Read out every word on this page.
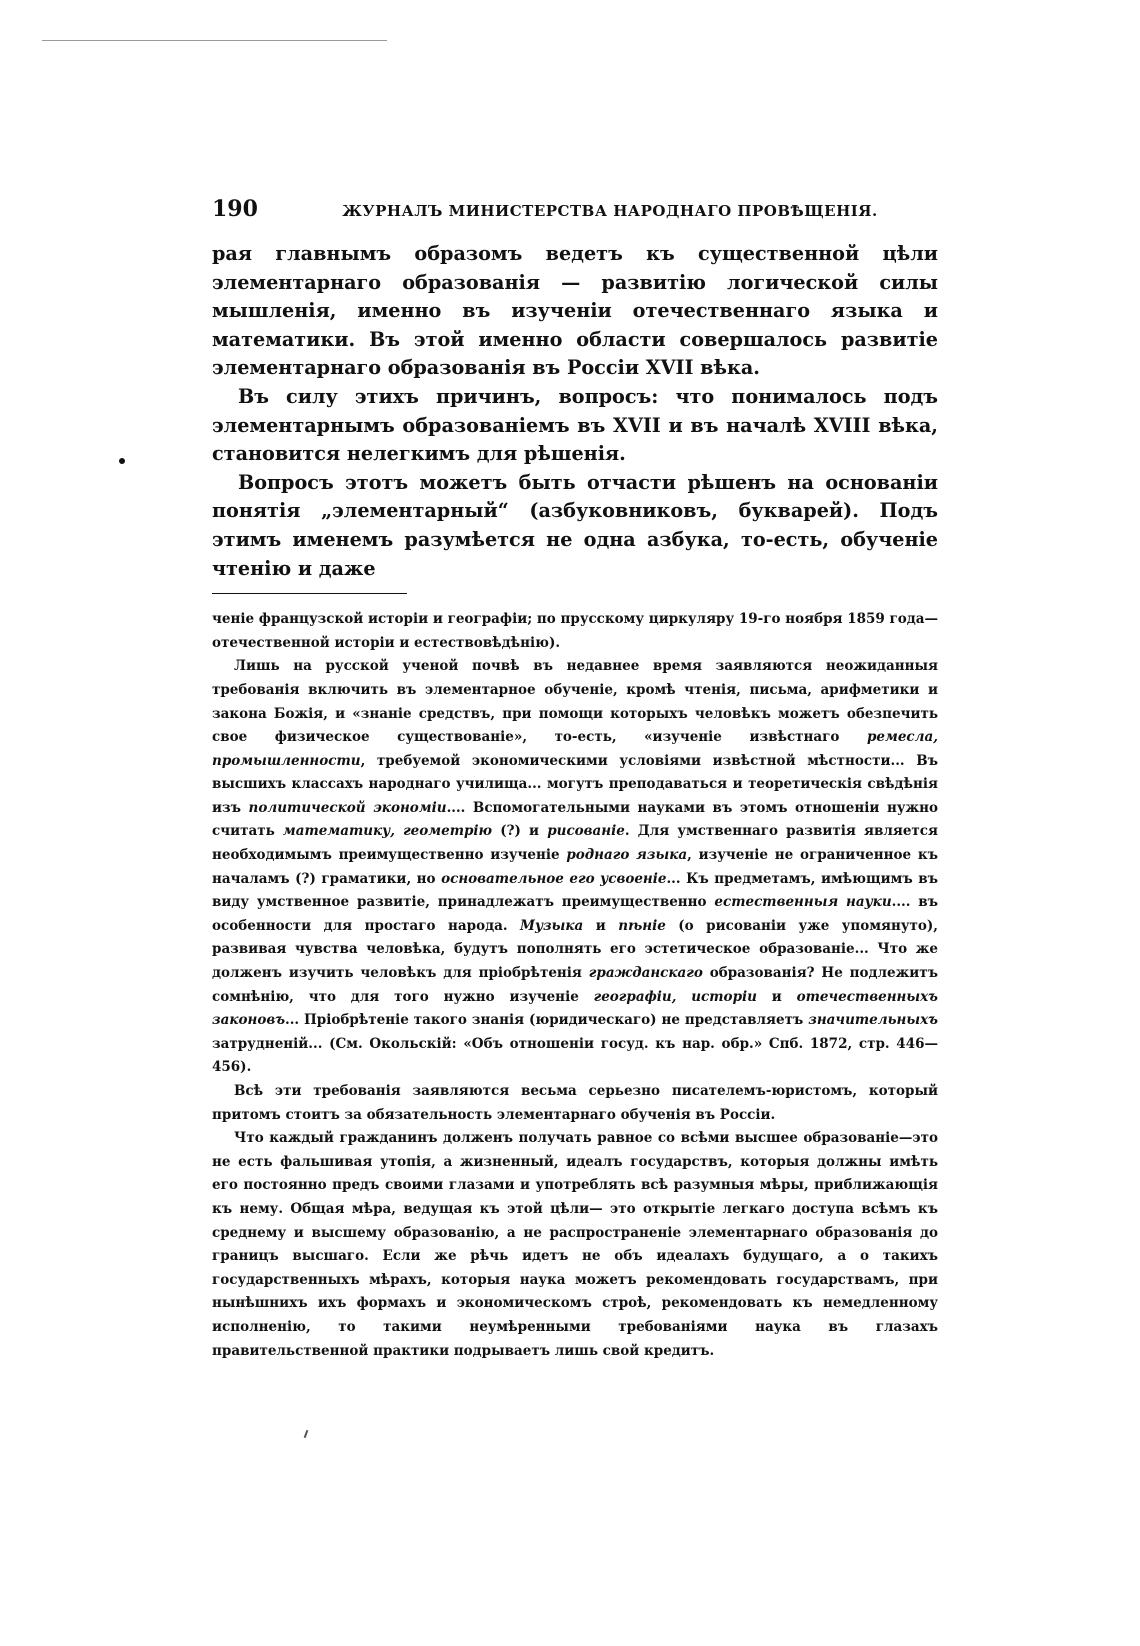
190	ЖУРНАЛЪ МИНИСТЕРСТВА НАРОДНАГО ПРОВѢЩЕНІЯ.

рая главнымъ образомъ ведетъ къ существенной цѣли элементарнаго образованія — развитію логической силы мышленія, именно въ изученіи отечественнаго языка и математики. Въ этой именно области совершалось развитіе элементарнаго образованія въ Россіи XVII вѣка.

Въ силу этихъ причинъ, вопросъ: что понималось подъ элементарнымъ образованіемъ въ XVII и въ началѣ XVIII вѣка, становится нелегкимъ для рѣшенія.

Вопросъ этотъ можетъ быть отчасти рѣшенъ на основаніи понятія „элементарный“ (азбуковниковъ, букварей). Подъ этимъ именемъ разумѣется не одна азбука, то-есть, обученіе чтенію и даже

ченіе французской исторіи и географіи; по прусскому циркуляру 19-го ноября 1859 года—отечественной исторіи и естествовѣдѣнію).

Лишь на русской ученой почвѣ въ недавнее время заявляются неожиданныя требованія включить въ элементарное обученіе, кромѣ чтенія, письма, арифметики и закона Божія, и «знаніе средствъ, при помощи которыхъ человѣкъ можетъ обезпечить свое физическое существованіе», то-есть, «изученіе извѣстнаго ремесла, промышленности, требуемой экономическими условіями извѣстной мѣстности... Въ высшихъ классахъ народнаго училища... могутъ преподаваться и теоретическія свѣдѣнія изъ политической экономіи.... Вспомогательными науками въ этомъ отношеніи нужно считать математику, геометрію (?) и рисованіе. Для умственнаго развитія является необходимымъ преимущественно изученіе роднаго языка, изученіе не ограниченное къ началамъ (?) граматики, но основательное его усвоеніе... Къ предметамъ, имѣющимъ въ виду умственное развитіе, принадлежатъ преимущественно естественныя науки.... въ особенности для простаго народа. Музыка и пѣніе (о рисованіи уже упомянуто), развивая чувства человѣка, будутъ пополнять его эстетическое образованіе... Что же долженъ изучить человѣкъ для пріобрѣтенія гражданскаго образованія? Не подлежитъ сомнѣнію, что для того нужно изученіе географіи, исторіи и отечественныхъ законовъ... Пріобрѣтеніе такого знанія (юридическаго) не представляетъ значительныхъ затрудненій... (См. Окольскій: «Объ отношеніи госуд. къ нар. обр.» Спб. 1872, стр. 446—456).

Всѣ эти требованія заявляются весьма серьезно писателемъ-юристомъ, который притомъ стоитъ за обязательность элементарнаго обученія въ Россіи.

Что каждый гражданинъ долженъ получать равное со всѣми высшее образованіе—это не есть фальшивая утопія, а жизненный, идеалъ государствъ, которыя должны имѣть его постоянно предъ своими глазами и употреблять всѣ разумныя мѣры, приближающія къ нему. Общая мѣра, ведущая къ этой цѣли— это открытіе легкаго доступа всѣмъ къ среднему и высшему образованію, а не распространеніе элементарнаго образованія до границъ высшаго. Если же рѣчь идетъ не объ идеалахъ будущаго, а о такихъ государственныхъ мѣрахъ, которыя наука можетъ рекомендовать государствамъ, при нынѣшнихъ ихъ формахъ и экономическомъ строѣ, рекомендовать къ немедленному исполненію, то такими неумѣренными требованіями наука въ глазахъ правительственной практики подрываетъ лишь свой кредитъ.
